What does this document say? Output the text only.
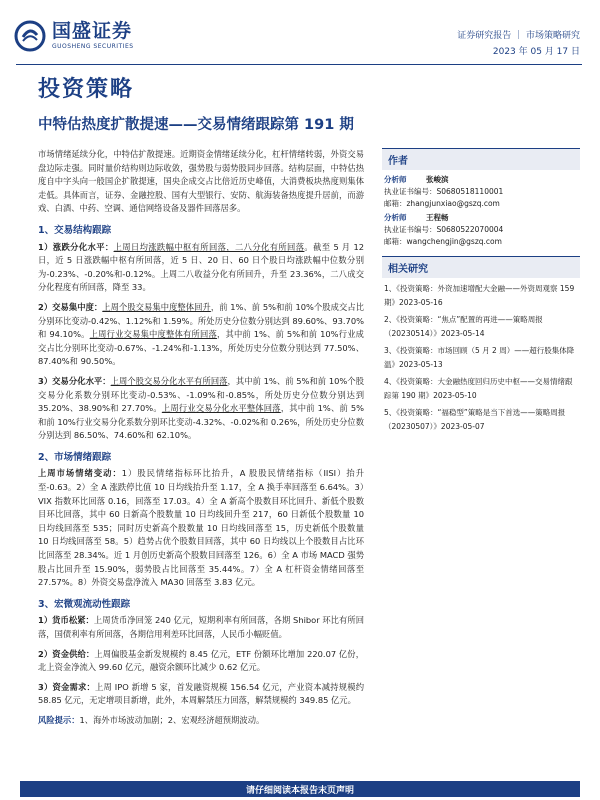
国盛证券
GUOSHENG SECURITIES
证券研究报告 ｜ 市场策略研究
2023 年 05 月 17 日
投资策略
中特估热度扩散提速——交易情绪跟踪第 191 期

市场情绪延续分化，中特估扩散提速。近期资金情绪延续分化，杠杆情绪转弱，外资交易盘边际走强。同时量价结构则边际收敛，强势股与弱势股同步回落。结构层面，中特估热度自中字头向一般国企扩散提速，国央企成交占比倍近历史峰值，大消费板块热度则集体走低。具体而言，证券、金融控股、国有大型银行、安防、航海装备热度提升居前，而游戏、白酒、中药、空调、通信网络设备及器件回落居多。

1、交易结构跟踪

1）涨跌分化水平：上周日均涨跌幅中枢有所回落，二八分化有所回落。截至 5 月 12 日，近 5 日涨跌幅中枢有所回落，近 5 日、20 日、60 日个股日均涨跌幅中位数分别为-0.23%、-0.20%和-0.12%。上周二八收益分化有所回升，升至 23.36%，二八成交分化程度有所回落，降至 33。

2）交易集中度：上周个股交易集中度整体回升，前 1%、前 5%和前 10%个股成交占比分别环比变动-0.42%、1.12%和 1.59%。所处历史分位数分别达到 89.60%、93.70%和 94.10%。上周行业交易集中度整体有所回落，其中前 1%、前 5%和前 10%行业成交占比分别环比变动-0.67%、-1.24%和-1.13%，所处历史分位数分别达到 77.50%、87.40%和 90.50%。

3）交易分化水平：上周个股交易分化水平有所回落，其中前 1%、前 5%和前 10%个股交易分化系数分别环比变动-0.53%、-1.09%和-0.85%，所处历史分位数分别达到 35.20%、38.90%和 27.70%。上周行业交易分化水平整体回落，其中前 1%、前 5%和前 10%行业交易分化系数分别环比变动-4.32%、-0.02%和 0.26%，所处历史分位数分别达到 86.50%、74.60%和 62.10%。

2、市场情绪跟踪

上周市场情绪变动：1）股民情绪指标环比抬升，A 股股民情绪指标（IISI）抬升至-0.63。2）全 A 涨跌停比值 10 日均线抬升至 1.17，全 A 换手率回落至 6.64%。3）VIX 指数环比回落 0.16，回落至 17.03。4）全 A 新高个股数目环比回升、新低个股数目环比回落，其中 60 日新高个股数量 10 日均线回升至 217，60 日新低个股数量 10 日均线回落至 535；同时历史新高个股数量 10 日均线回落至 15，历史新低个股数量 10 日均线回落至 58。5）趋势占优个股数目回落，其中 60 日均线以上个股数目占比环比回落至 28.34%。近 1 月创历史新高个股数目回落至 126。6）全 A 市场 MACD 强势股占比回升至 15.90%，弱势股占比回落至 35.44%。7）全 A 杠杆资金情绪回落至 27.57%。8）外资交易盘净流入 MA30 回落至 3.83 亿元。

3、宏微观流动性跟踪

1）货币松紧：上周货币净回笼 240 亿元，短期利率有所回落，各期 Shibor 环比有所回落，国债利率有所回落，各期信用利差环比回落，人民币小幅贬值。

2）资金供给：上周偏股基金新发规模约 8.45 亿元，ETF 份额环比增加 220.07 亿份，北上资金净流入 99.60 亿元，融资余额环比减少 0.62 亿元。

3）资金需求：上周 IPO 新增 5 家，首发融资规模 156.54 亿元，产业资本减持规模约 58.85 亿元，无定增项目新增，此外，本周解禁压力回落，解禁规模约 349.85 亿元。

风险提示：1、海外市场波动加剧；2、宏观经济超预期波动。

作者
分析师	张峻滨
执业证书编号：S0680518110001
邮箱：zhangjunxiao@gszq.com
分析师	王程畅
执业证书编号：S0680522070004
邮箱：wangchengjin@gszq.com
相关研究
1、《投资策略：外资加速增配大金融——外资周观察 159 期》2023-05-16
2、《投资策略：“焦点”配置的再进——策略周报（20230514）》2023-05-14
3、《投资策略：市场回顾（5 月 2 周）——超行股集体降温》2023-05-13
4、《投资策略：大金融热度回归历史中枢——交易情绪跟踪第 190 期》2023-05-10
5、《投资策略：“福稳型”策略是当下首选——策略周报（20230507）》2023-05-07
请仔细阅读本报告末页声明
